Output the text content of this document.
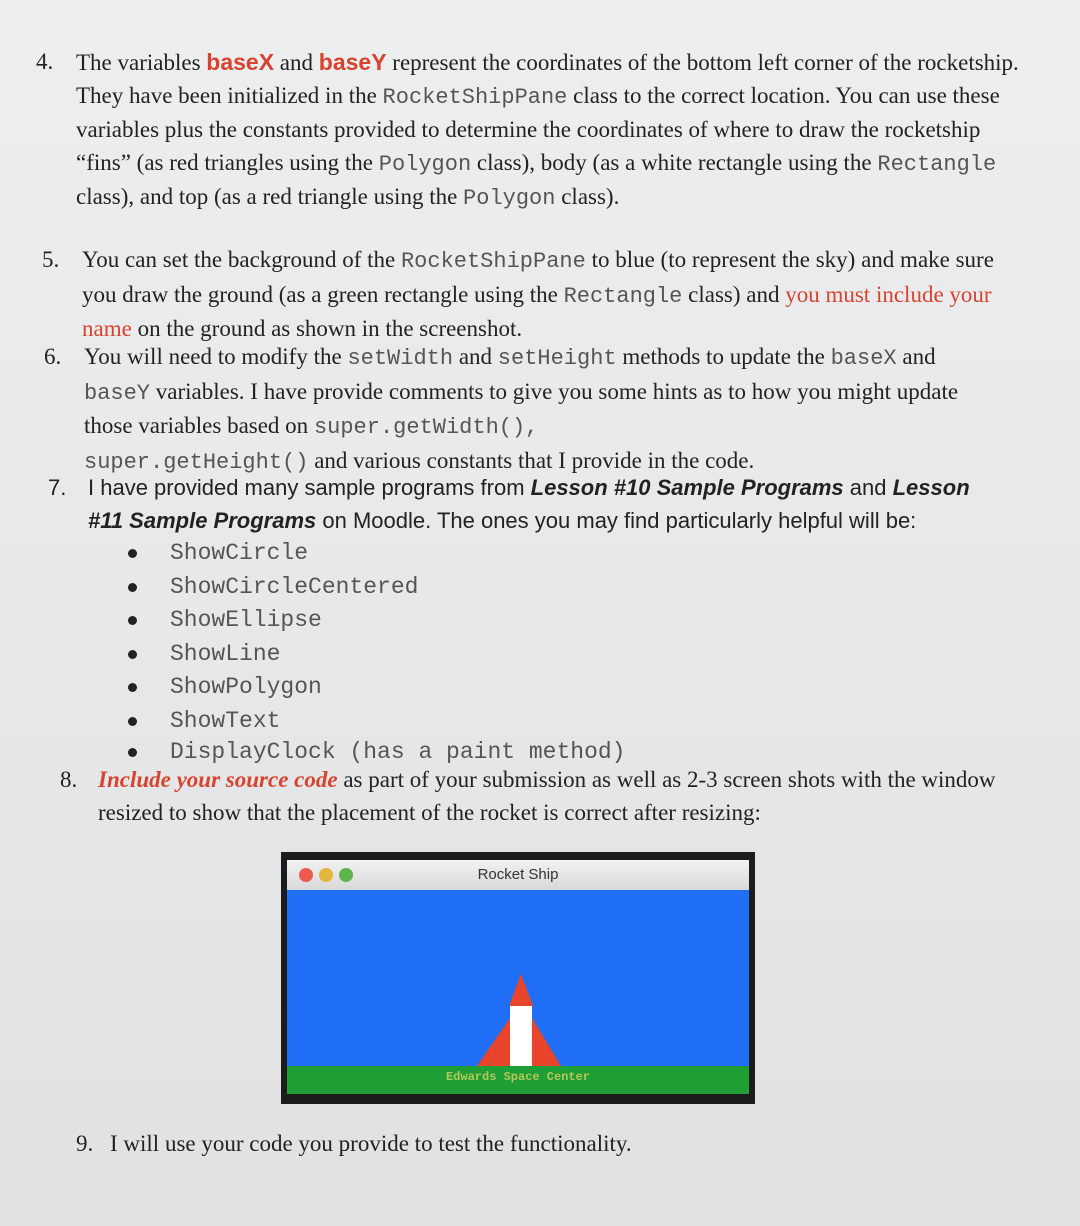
4. The variables baseX and baseY represent the coordinates of the bottom left corner of the rocketship. They have been initialized in the RocketShipPane class to the correct location. You can use these variables plus the constants provided to determine the coordinates of where to draw the rocketship “fins” (as red triangles using the Polygon class), body (as a white rectangle using the Rectangle class), and top (as a red triangle using the Polygon class).
5. You can set the background of the RocketShipPane to blue (to represent the sky) and make sure you draw the ground (as a green rectangle using the Rectangle class) and you must include your name on the ground as shown in the screenshot.
6. You will need to modify the setWidth and setHeight methods to update the baseX and baseY variables. I have provide comments to give you some hints as to how you might update those variables based on super.getWidth(),
super.getHeight() and various constants that I provide in the code.
7. I have provided many sample programs from Lesson #10 Sample Programs and Lesson #11 Sample Programs on Moodle. The ones you may find particularly helpful will be:
ShowCircle
ShowCircleCentered
ShowEllipse
ShowLine
ShowPolygon
ShowText
DisplayClock (has a paint method)
8. Include your source code as part of your submission as well as 2-3 screen shots with the window resized to show that the placement of the rocket is correct after resizing:
Rocket Ship
Edwards Space Center
9. I will use your code you provide to test the functionality.
